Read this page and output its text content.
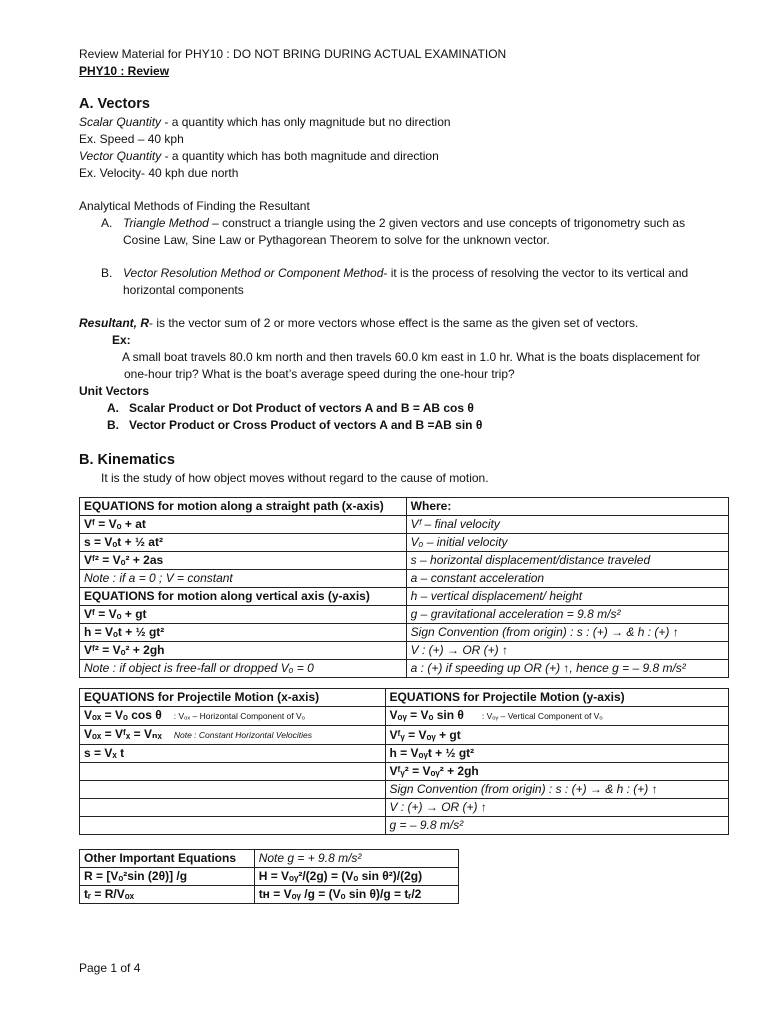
Review Material for PHY10 : DO NOT BRING DURING ACTUAL EXAMINATION

PHY10 : Review

A. Vectors

Scalar Quantity - a quantity which has only magnitude but no direction

Ex. Speed – 40 kph

Vector Quantity - a quantity which has both magnitude and direction

Ex. Velocity- 40 kph due north

Analytical Methods of Finding the Resultant

A. Triangle Method – construct a triangle using the 2 given vectors and use concepts of trigonometry such as
Cosine Law, Sine Law or Pythagorean Theorem to solve for the unknown vector.
B. Vector Resolution Method or Component Method- it is the process of resolving the vector to its vertical and
horizontal components

Resultant, R- is the vector sum of 2 or more vectors whose effect is the same as the given set of vectors.

Ex:

A small boat travels 80.0 km north and then travels 60.0 km east in 1.0 hr. What is the boats displacement for

one-hour trip? What is the boat’s average speed during the one-hour trip?

Unit Vectors

A. Scalar Product or Dot Product of vectors A and B = AB cos θ
B. Vector Product or Cross Product of vectors A and B =AB sin θ
B. Kinematics

It is the study of how object moves without regard to the cause of motion.

EQUATIONS for motion along a straight path (x-axis)	Where:
Vᶠ = Vₒ + at	Vᶠ – final velocity
s = Vₒt + ½ at²	Vₒ – initial velocity
Vᶠ² = Vₒ² + 2as	s – horizontal displacement/distance traveled
Note : if a = 0 ; V = constant	a – constant acceleration
EQUATIONS for motion along vertical axis (y-axis)	h – vertical displacement/ height
Vᶠ = Vₒ + gt	g – gravitational acceleration = 9.8 m/s²
h = Vₒt + ½ gt²	Sign Convention (from origin) : s : (+) → & h : (+) ↑
Vᶠ² = Vₒ² + 2gh	V : (+) → OR (+) ↑
Note : if object is free-fall or dropped Vₒ = 0	a : (+) if speeding up OR (+) ↑, hence g = – 9.8 m/s²
EQUATIONS for Projectile Motion (x-axis)	EQUATIONS for Projectile Motion (y-axis)
Vₒₓ = Vₒ cos θ : Vₒₓ – Horizontal Component of Vₒ	Vₒᵧ = Vₒ sin θ : Vₒᵧ – Vertical Component of Vₒ
Vₒₓ = Vᶠₓ = Vₙₓ Note : Constant Horizontal Velocities	Vᶠᵧ = Vₒᵧ + gt
s = Vₓ t	h = Vₒᵧt + ½ gt²
	Vᶠᵧ² = Vₒᵧ² + 2gh
	Sign Convention (from origin) : s : (+) → & h : (+) ↑
	V : (+) → OR (+) ↑
	g = – 9.8 m/s²
Other Important Equations	Note g = + 9.8 m/s²
R = [Vₒ²sin (2θ)] /g	H = Vₒᵧ²/(2g) = (Vₒ sin θ²)/(2g)
tᵣ = R/Vₒₓ	tʜ = Vₒᵧ /g = (Vₒ sin θ)/g = tᵣ/2

Page 1 of 4
